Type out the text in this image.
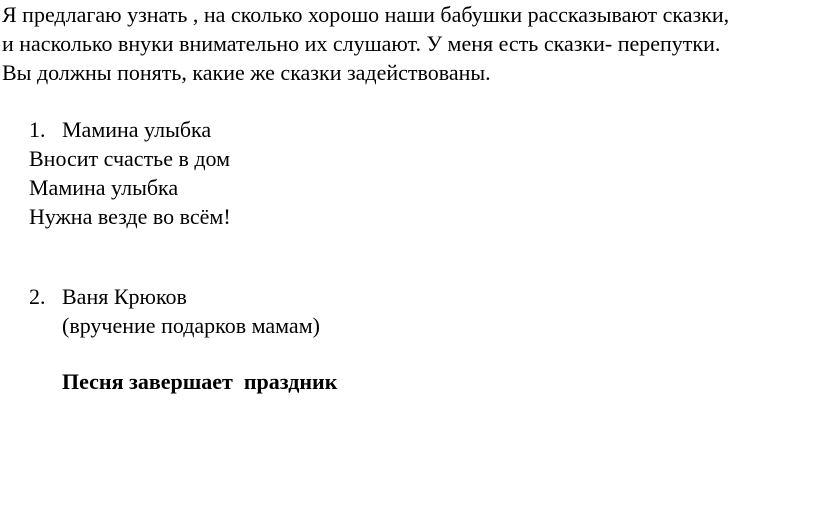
Я предлагаю узнать , на сколько хорошо наши бабушки рассказывают сказки,
и насколько внуки внимательно их слушают. У меня есть сказки- перепутки.
Вы должны понять, какие же сказки задействованы.

1. Мамина улыбка
Вносит счастье в дом
Мамина улыбка
Нужна везде во всём!
2. Ваня Крюков
(вручение подарков мамам)

Песня завершает  праздник
